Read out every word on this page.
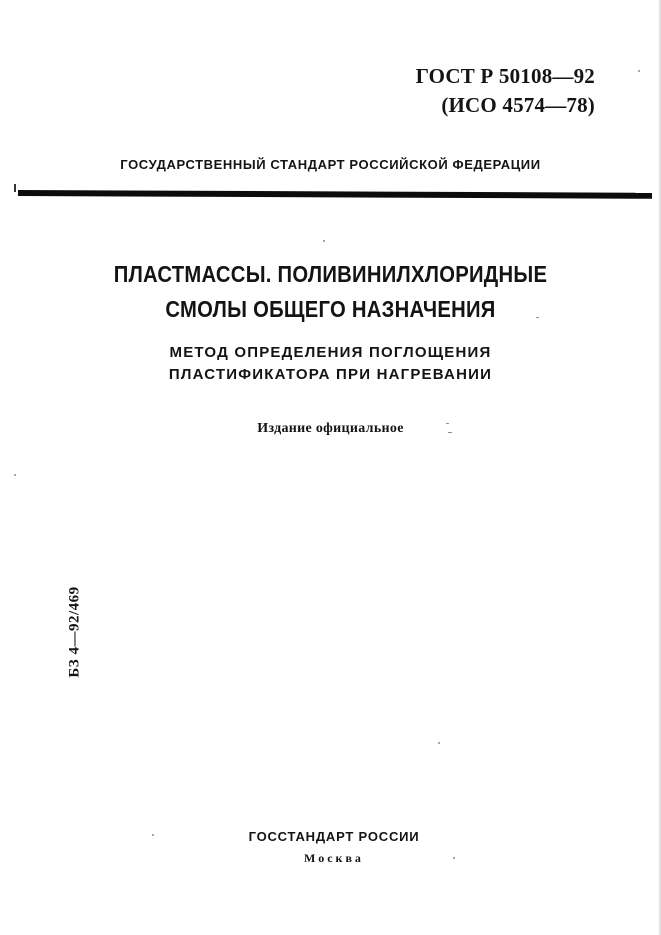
ГОСТ Р 50108—92
(ИСО 4574—78)
ГОСУДАРСТВЕННЫЙ СТАНДАРТ РОССИЙСКОЙ ФЕДЕРАЦИИ
ПЛАСТМАССЫ. ПОЛИВИНИЛХЛОРИДНЫЕ
СМОЛЫ ОБЩЕГО НАЗНАЧЕНИЯ
МЕТОД ОПРЕДЕЛЕНИЯ ПОГЛОЩЕНИЯ
ПЛАСТИФИКАТОРА ПРИ НАГРЕВАНИИ
Издание официальное
БЗ 4—92/469
ГОССТАНДАРТ РОССИИ
Москва
